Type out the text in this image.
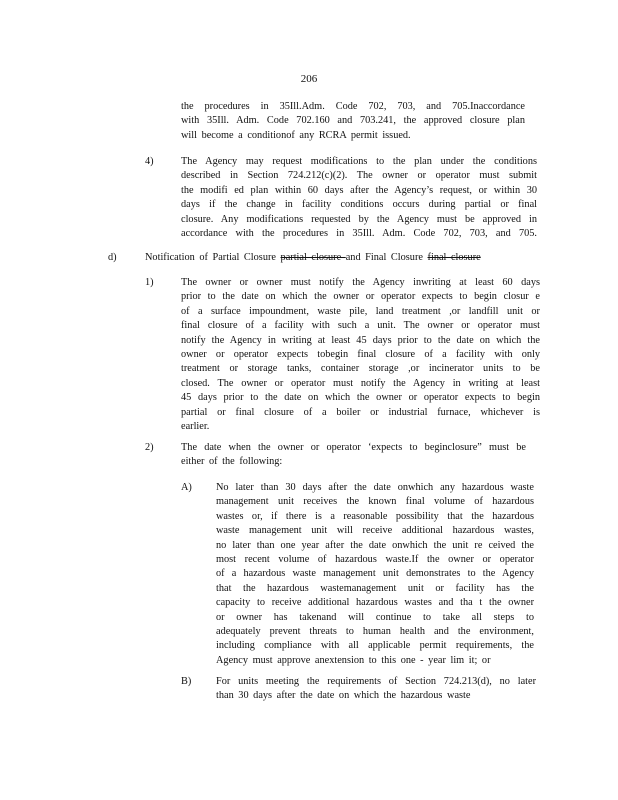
206
the procedures in 35Ill.Adm. Code 702, 703, and 705.Inaccordance
with 35Ill. Adm. Code 702.160 and 703.241, the approved closure plan
will become a conditionof any RCRA permit issued.
4)	The Agency may request modifications to the plan under the conditions
described in Section 724.212(c)(2). The owner or operator must submit
the modifi ed plan within 60 days after the Agency’s request, or within 30
days if the change in facility conditions occurs during partial or final
closure. Any modifications requested by the Agency must be approved in
accordance with the procedures in 35Ill. Adm. Code 702, 703, and 705.
d)	Notification of Partial Closure partial closure and Final Closure final closure
1)	The owner or owner must notify the Agency inwriting at least 60 days
prior to the date on which the owner or operator expects to begin closur e
of a surface impoundment, waste pile, land treatment ,or landfill unit or
final closure of a facility with such a unit. The owner or operator must
notify the Agency in writing at least 45 days prior to the date on which the
owner or operator expects tobegin final closure of a facility with only
treatment or storage tanks, container storage ,or incinerator units to be
closed. The owner or operator must notify the Agency in writing at least
45 days prior to the date on which the owner or operator expects to begin
partial or final closure of a boiler or industrial furnace, whichever is
earlier.
2)	The date when the owner or operator ‘expects to beginclosure” must be
either of the following:
A) No later than 30 days after the date onwhich any hazardous waste
management unit receives the known final volume of hazardous
wastes or, if there is a reasonable possibility that the hazardous
waste management unit will receive additional hazardous wastes,
no later than one year after the date onwhich the unit re ceived the
most recent volume of hazardous waste.If the owner or operator
of a hazardous waste management unit demonstrates to the Agency
that the hazardous wastemanagement unit or facility has the
capacity to receive additional hazardous wastes and tha t the owner
or owner has takenand will continue to take all steps to
adequately prevent threats to human health and the environment,
including compliance with all applicable permit requirements, the
Agency must approve anextension to this one - year lim it; or
B) For units meeting the requirements of Section 724.213(d), no later
than 30 days after the date on which the hazardous waste
